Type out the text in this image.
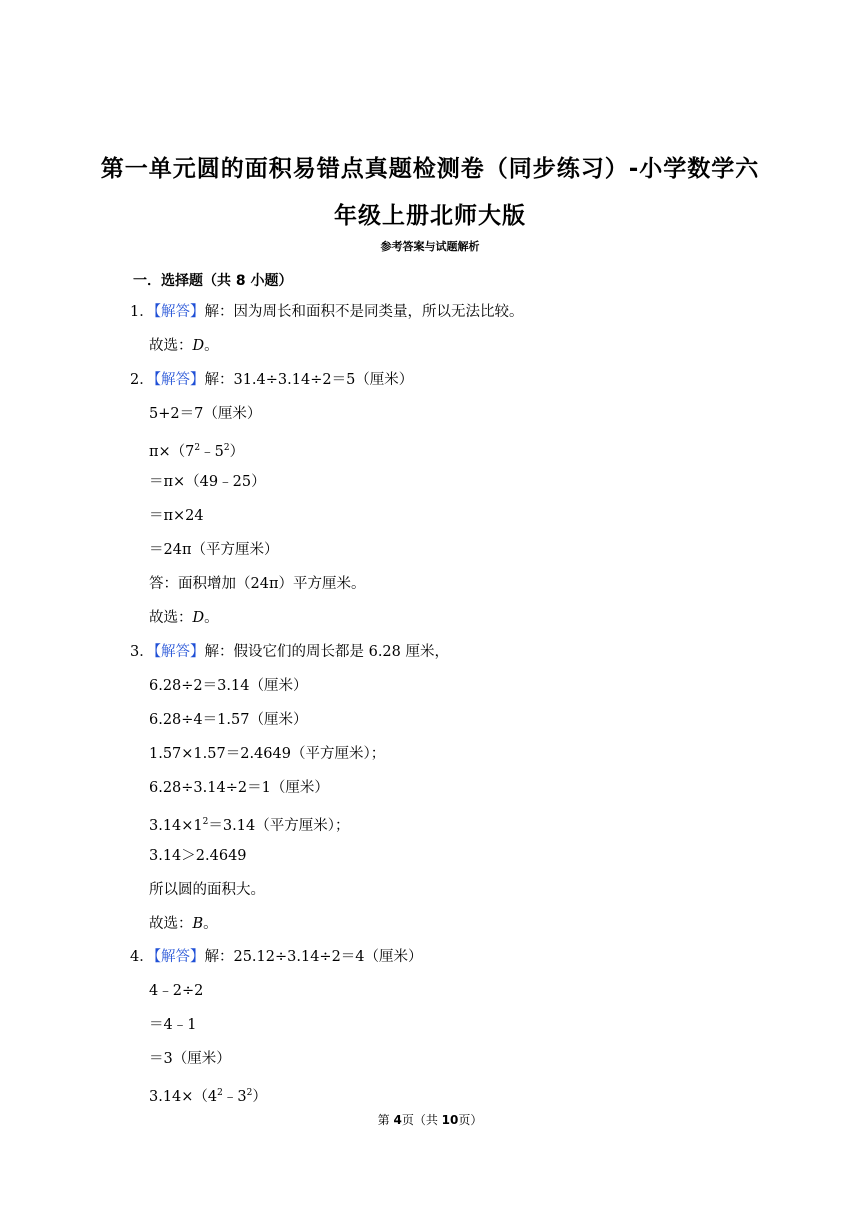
第一单元圆的面积易错点真题检测卷（同步练习）-小学数学六
年级上册北师大版
参考答案与试题解析
一．选择题（共 8 小题）
1．【解答】解：因为周长和面积不是同类量，所以无法比较。
故选：D。
2．【解答】解：31.4÷3.14÷2＝5（厘米）
5+2＝7（厘米）
$\pi\times(7^2﹣5^2)$
＝π×（49﹣25）
＝π×24
＝24π（平方厘米）
答：面积增加（24π）平方厘米。
故选：D。
3．【解答】解：假设它们的周长都是 6.28 厘米，
6.28÷2＝3.14（厘米）
6.28÷4＝1.57（厘米）
1.57×1.57＝2.4649（平方厘米）；
6.28÷3.14÷2＝1（厘米）
$3.14\times 1^2=3.14$（平方厘米）；
3.14＞2.4649
所以圆的面积大。
故选：B。
4．【解答】解：25.12÷3.14÷2＝4（厘米）
4﹣2÷2
＝4﹣1
＝3（厘米）
$3.14\times(4^2﹣3^2)$
第 4页（共 10页）
